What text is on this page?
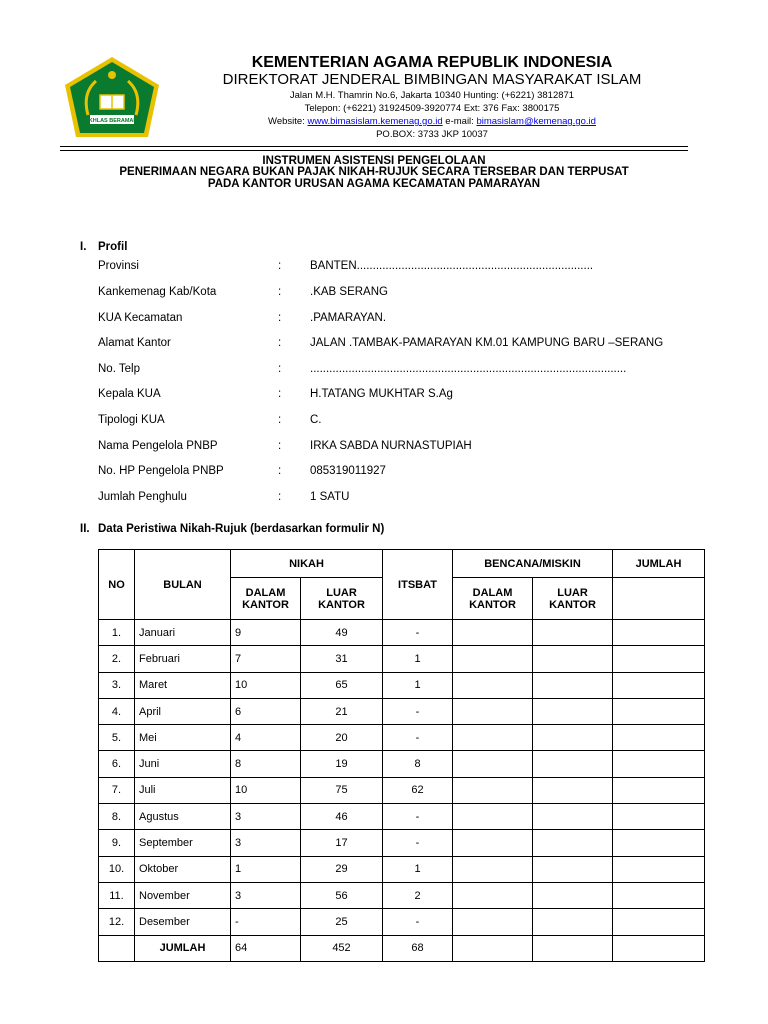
IKHLAS BERAMAL
KEMENTERIAN AGAMA REPUBLIK INDONESIA
DIREKTORAT JENDERAL BIMBINGAN MASYARAKAT ISLAM
Jalan M.H. Thamrin No.6, Jakarta 10340 Hunting: (+6221) 3812871
Telepon: (+6221) 31924509-3920774 Ext: 376 Fax: 3800175
Website: www.bimasislam.kemenag.go.id e-mail: bimasislam@kemenag.go.id
PO.BOX: 3733 JKP 10037
INSTRUMEN ASISTENSI PENGELOLAAN
PENERIMAAN NEGARA BUKAN PAJAK NIKAH-RUJUK SECARA TERSEBAR DAN TERPUSAT
PADA KANTOR URUSAN AGAMA KECAMATAN PAMARAYAN
I. Profil
Provinsi	:	BANTEN..........................................................................
Kankemenag Kab/Kota	:	.KAB SERANG
KUA Kecamatan	:	.PAMARAYAN.
Alamat Kantor	:	JALAN .TAMBAK-PAMARAYAN KM.01 KAMPUNG BARU –SERANG
No. Telp	:	...................................................................................................
Kepala KUA	:	H.TATANG MUKHTAR S.Ag
Tipologi KUA	:	C.
Nama Pengelola PNBP	:	IRKA SABDA NURNASTUPIAH
No. HP Pengelola PNBP	:	085319011927
Jumlah Penghulu	:	1 SATU
II. Data Peristiwa Nikah-Rujuk (berdasarkan formulir N)
NO	BULAN	NIKAH		ITSBAT	BENCANA/MISKIN		JUMLAH
		DALAM KANTOR	LUAR KANTOR		DALAM KANTOR	LUAR KANTOR	
1.	Januari	9	49	-			
2.	Februari	7	31	1			
3.	Maret	10	65	1			
4.	April	6	21	-			
5.	Mei	4	20	-			
6.	Juni	8	19	8			
7.	Juli	10	75	62			
8.	Agustus	3	46	-			
9.	September	3	17	-			
10.	Oktober	1	29	1			
11.	November	3	56	2			
12.	Desember	-	25	-			
	JUMLAH	64	452	68			
